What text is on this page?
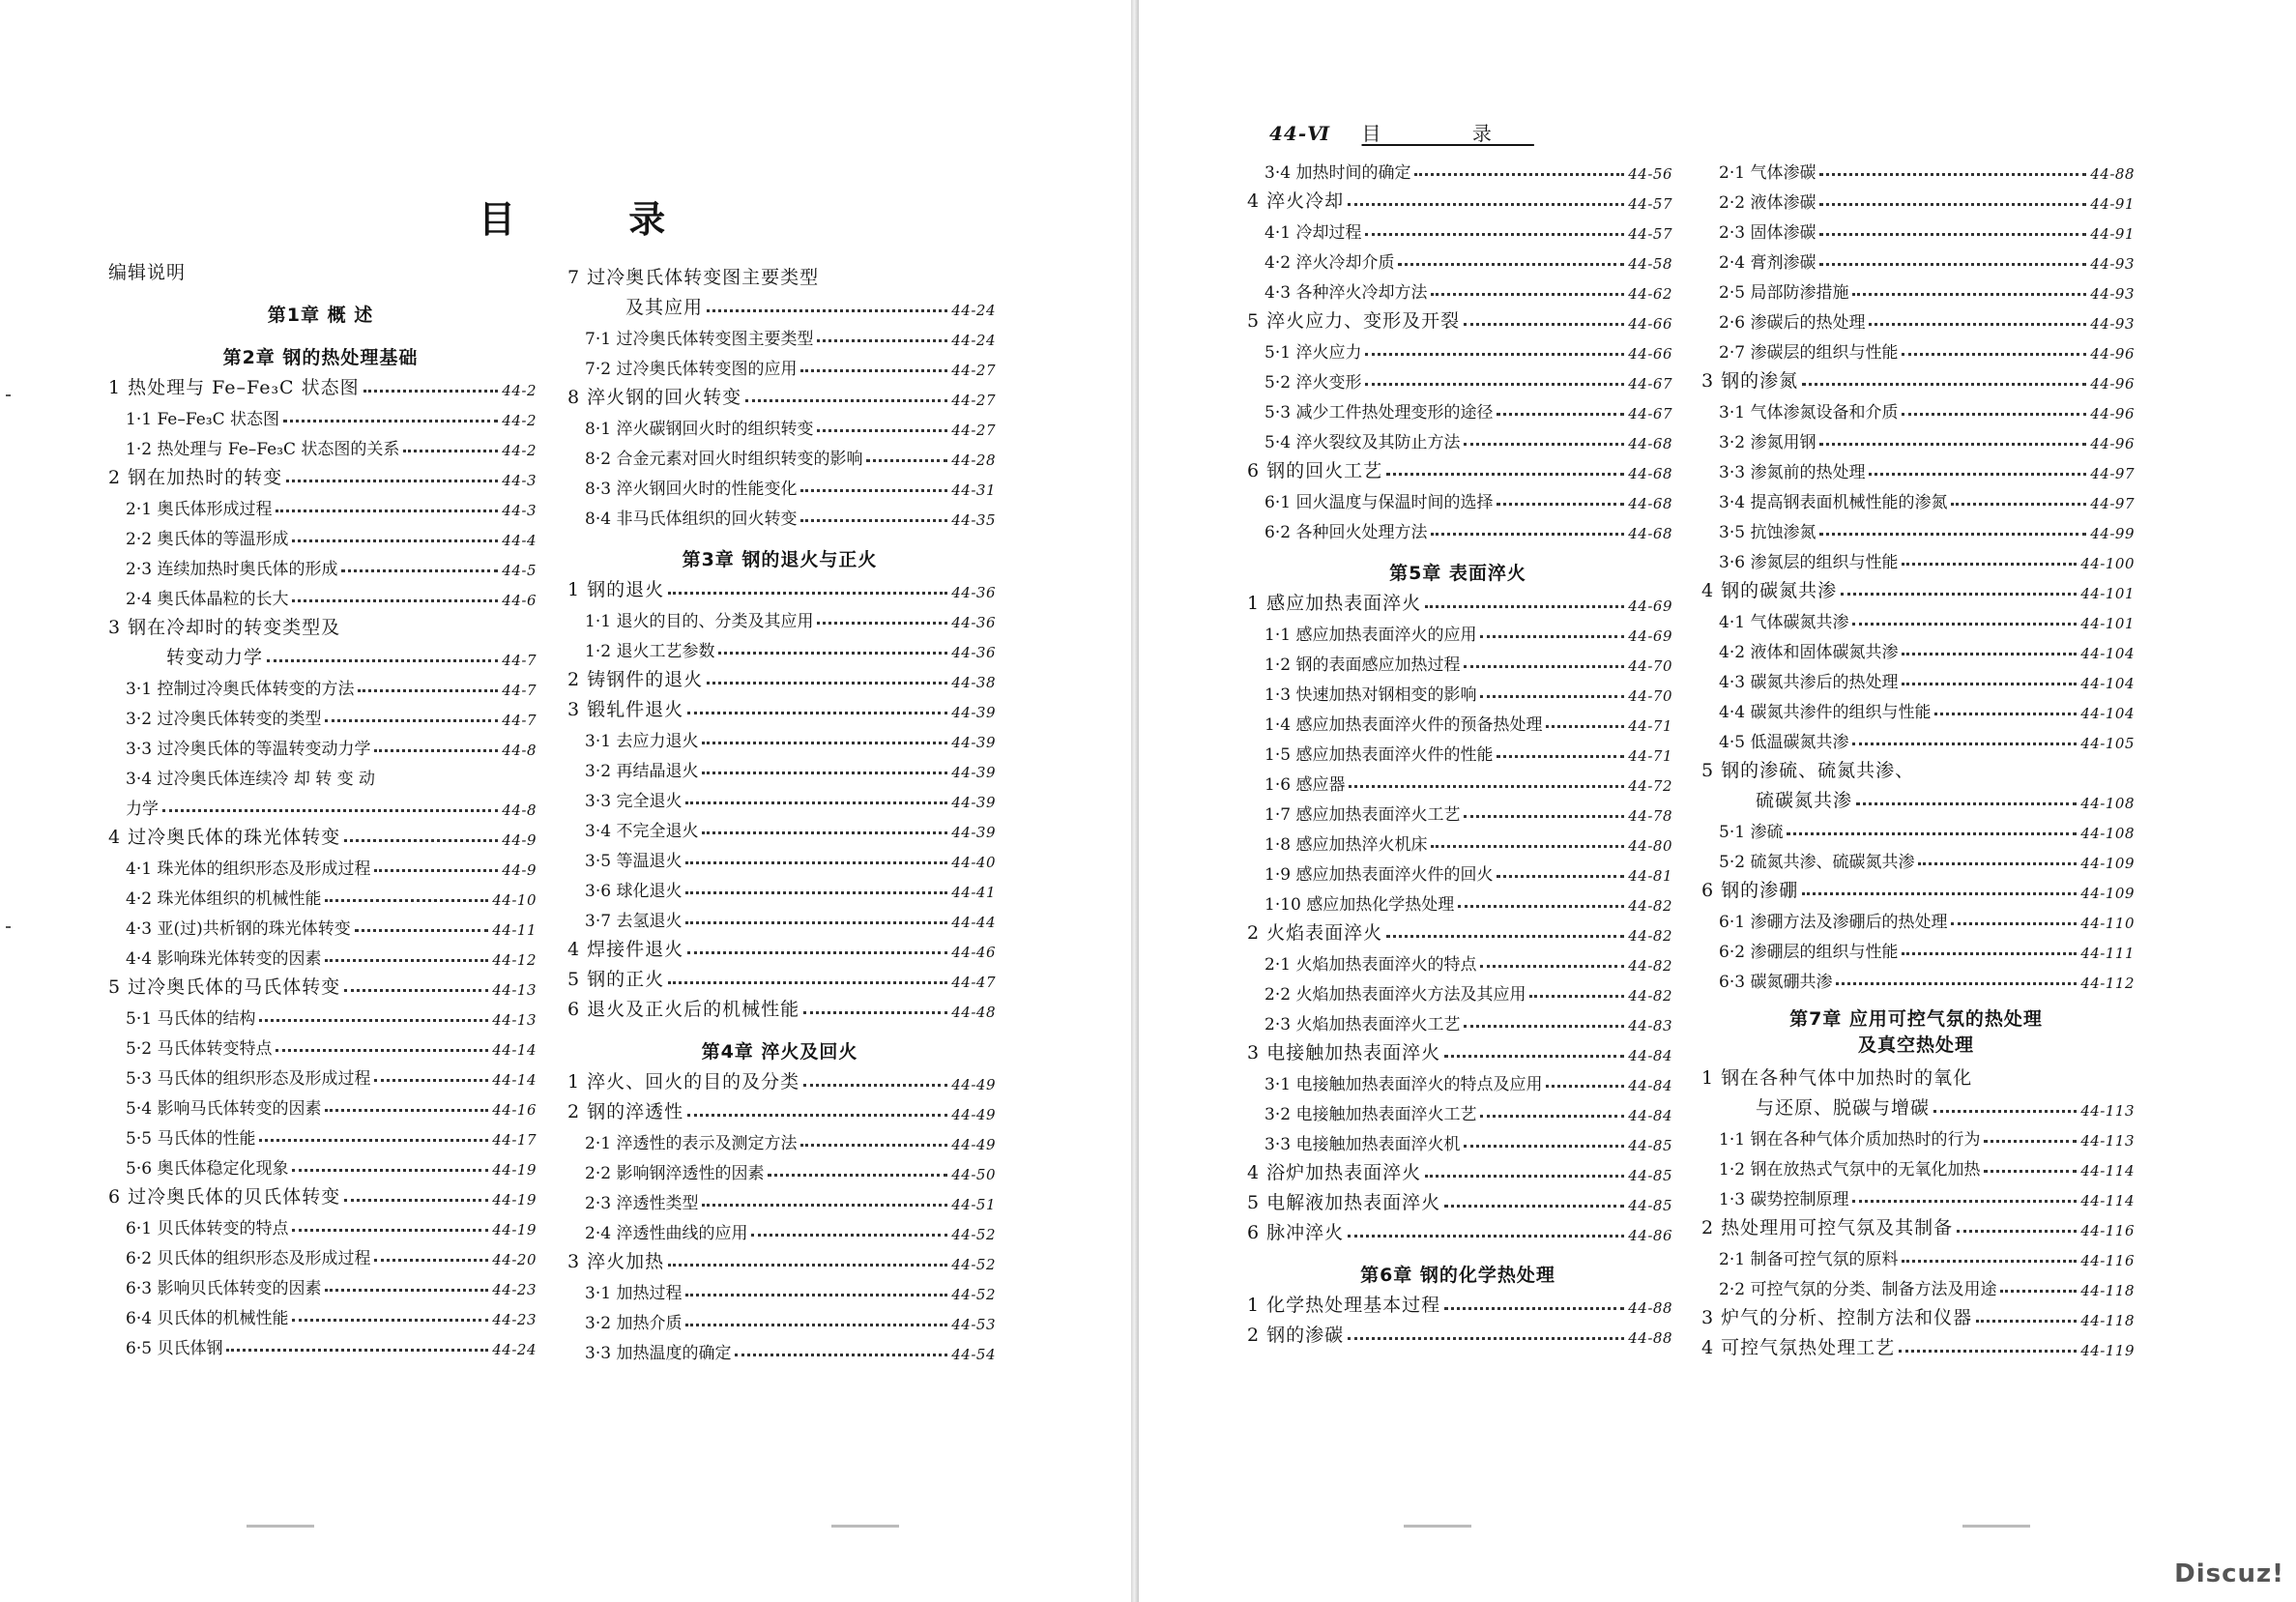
目 录
编辑说明
第1章 概 述
第2章 钢的热处理基础
1 热处理与 Fe–Fe₃C 状态图	44-2
1·1 Fe–Fe₃C 状态图	44-2
1·2 热处理与 Fe–Fe₃C 状态图的关系	44-2
2 钢在加热时的转变	44-3
2·1 奥氏体形成过程	44-3
2·2 奥氏体的等温形成	44-4
2·3 连续加热时奥氏体的形成	44-5
2·4 奥氏体晶粒的长大	44-6
3 钢在冷却时的转变类型及
转变动力学	44-7
3·1 控制过冷奥氏体转变的方法	44-7
3·2 过冷奥氏体转变的类型	44-7
3·3 过冷奥氏体的等温转变动力学	44-8
3·4 过冷奥氏体连续冷 却 转 变 动
力学	44-8
4 过冷奥氏体的珠光体转变	44-9
4·1 珠光体的组织形态及形成过程	44-9
4·2 珠光体组织的机械性能	44-10
4·3 亚(过)共析钢的珠光体转变	44-11
4·4 影响珠光体转变的因素	44-12
5 过冷奥氏体的马氏体转变	44-13
5·1 马氏体的结构	44-13
5·2 马氏体转变特点	44-14
5·3 马氏体的组织形态及形成过程	44-14
5·4 影响马氏体转变的因素	44-16
5·5 马氏体的性能	44-17
5·6 奥氏体稳定化现象	44-19
6 过冷奥氏体的贝氏体转变	44-19
6·1 贝氏体转变的特点	44-19
6·2 贝氏体的组织形态及形成过程	44-20
6·3 影响贝氏体转变的因素	44-23
6·4 贝氏体的机械性能	44-23
6·5 贝氏体钢	44-24
7 过冷奥氏体转变图主要类型
及其应用	44-24
7·1 过冷奥氏体转变图主要类型	44-24
7·2 过冷奥氏体转变图的应用	44-27
8 淬火钢的回火转变	44-27
8·1 淬火碳钢回火时的组织转变	44-27
8·2 合金元素对回火时组织转变的影响	44-28
8·3 淬火钢回火时的性能变化	44-31
8·4 非马氏体组织的回火转变	44-35
第3章 钢的退火与正火
1 钢的退火	44-36
1·1 退火的目的、分类及其应用	44-36
1·2 退火工艺参数	44-36
2 铸钢件的退火	44-38
3 锻轧件退火	44-39
3·1 去应力退火	44-39
3·2 再结晶退火	44-39
3·3 完全退火	44-39
3·4 不完全退火	44-39
3·5 等温退火	44-40
3·6 球化退火	44-41
3·7 去氢退火	44-44
4 焊接件退火	44-46
5 钢的正火	44-47
6 退火及正火后的机械性能	44-48
第4章 淬火及回火
1 淬火、回火的目的及分类	44-49
2 钢的淬透性	44-49
2·1 淬透性的表示及测定方法	44-49
2·2 影响钢淬透性的因素	44-50
2·3 淬透性类型	44-51
2·4 淬透性曲线的应用	44-52
3 淬火加热	44-52
3·1 加热过程	44-52
3·2 加热介质	44-53
3·3 加热温度的确定	44-54
44-Ⅵ 目 录
3·4 加热时间的确定	44-56
4 淬火冷却	44-57
4·1 冷却过程	44-57
4·2 淬火冷却介质	44-58
4·3 各种淬火冷却方法	44-62
5 淬火应力、变形及开裂	44-66
5·1 淬火应力	44-66
5·2 淬火变形	44-67
5·3 减少工件热处理变形的途径	44-67
5·4 淬火裂纹及其防止方法	44-68
6 钢的回火工艺	44-68
6·1 回火温度与保温时间的选择	44-68
6·2 各种回火处理方法	44-68
第5章 表面淬火
1 感应加热表面淬火	44-69
1·1 感应加热表面淬火的应用	44-69
1·2 钢的表面感应加热过程	44-70
1·3 快速加热对钢相变的影响	44-70
1·4 感应加热表面淬火件的预备热处理	44-71
1·5 感应加热表面淬火件的性能	44-71
1·6 感应器	44-72
1·7 感应加热表面淬火工艺	44-78
1·8 感应加热淬火机床	44-80
1·9 感应加热表面淬火件的回火	44-81
1·10 感应加热化学热处理	44-82
2 火焰表面淬火	44-82
2·1 火焰加热表面淬火的特点	44-82
2·2 火焰加热表面淬火方法及其应用	44-82
2·3 火焰加热表面淬火工艺	44-83
3 电接触加热表面淬火	44-84
3·1 电接触加热表面淬火的特点及应用	44-84
3·2 电接触加热表面淬火工艺	44-84
3·3 电接触加热表面淬火机	44-85
4 浴炉加热表面淬火	44-85
5 电解液加热表面淬火	44-85
6 脉冲淬火	44-86
第6章 钢的化学热处理
1 化学热处理基本过程	44-88
2 钢的渗碳	44-88
2·1 气体渗碳	44-88
2·2 液体渗碳	44-91
2·3 固体渗碳	44-91
2·4 膏剂渗碳	44-93
2·5 局部防渗措施	44-93
2·6 渗碳后的热处理	44-93
2·7 渗碳层的组织与性能	44-96
3 钢的渗氮	44-96
3·1 气体渗氮设备和介质	44-96
3·2 渗氮用钢	44-96
3·3 渗氮前的热处理	44-97
3·4 提高钢表面机械性能的渗氮	44-97
3·5 抗蚀渗氮	44-99
3·6 渗氮层的组织与性能	44-100
4 钢的碳氮共渗	44-101
4·1 气体碳氮共渗	44-101
4·2 液体和固体碳氮共渗	44-104
4·3 碳氮共渗后的热处理	44-104
4·4 碳氮共渗件的组织与性能	44-104
4·5 低温碳氮共渗	44-105
5 钢的渗硫、硫氮共渗、
硫碳氮共渗	44-108
5·1 渗硫	44-108
5·2 硫氮共渗、硫碳氮共渗	44-109
6 钢的渗硼	44-109
6·1 渗硼方法及渗硼后的热处理	44-110
6·2 渗硼层的组织与性能	44-111
6·3 碳氮硼共渗	44-112
第7章 应用可控气氛的热处理
及真空热处理
1 钢在各种气体中加热时的氧化
与还原、脱碳与增碳	44-113
1·1 钢在各种气体介质加热时的行为	44-113
1·2 钢在放热式气氛中的无氧化加热	44-114
1·3 碳势控制原理	44-114
2 热处理用可控气氛及其制备	44-116
2·1 制备可控气氛的原料	44-116
2·2 可控气氛的分类、制备方法及用途	44-118
3 炉气的分析、控制方法和仪器	44-118
4 可控气氛热处理工艺	44-119
Discuz!
